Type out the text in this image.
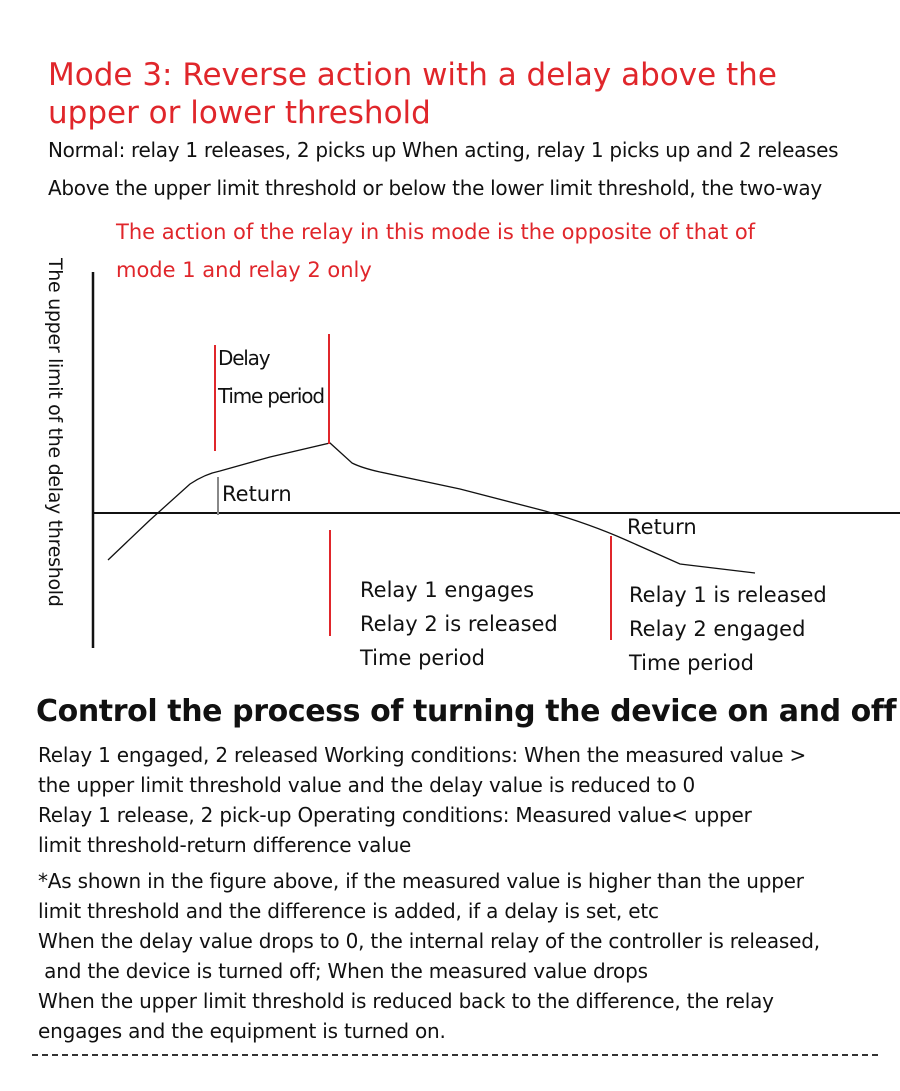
Mode 3: Reverse action with a delay above the
upper or lower threshold
Normal: relay 1 releases, 2 picks up When acting, relay 1 picks up and 2 releases
Above the upper limit threshold or below the lower limit threshold, the two-way
The action of the relay in this mode is the opposite of that of
mode 1 and relay 2 only
The upper limit of the delay threshold	Delay
Time period
Return
Return
Relay 1 engages
Relay 2 is released
Time period
Relay 1 is released
Relay 2 engaged
Time period
Control the process of turning the device on and off
Relay 1 engaged, 2 released Working conditions: When the measured value >
the upper limit threshold value and the delay value is reduced to 0
Relay 1 release, 2 pick-up Operating conditions: Measured value< upper
limit threshold-return difference value
*As shown in the figure above, if the measured value is higher than the upper
limit threshold and the difference is added, if a delay is set, etc
When the delay value drops to 0, the internal relay of the controller is released,
and the device is turned off; When the measured value drops
When the upper limit threshold is reduced back to the difference, the relay
engages and the equipment is turned on.
